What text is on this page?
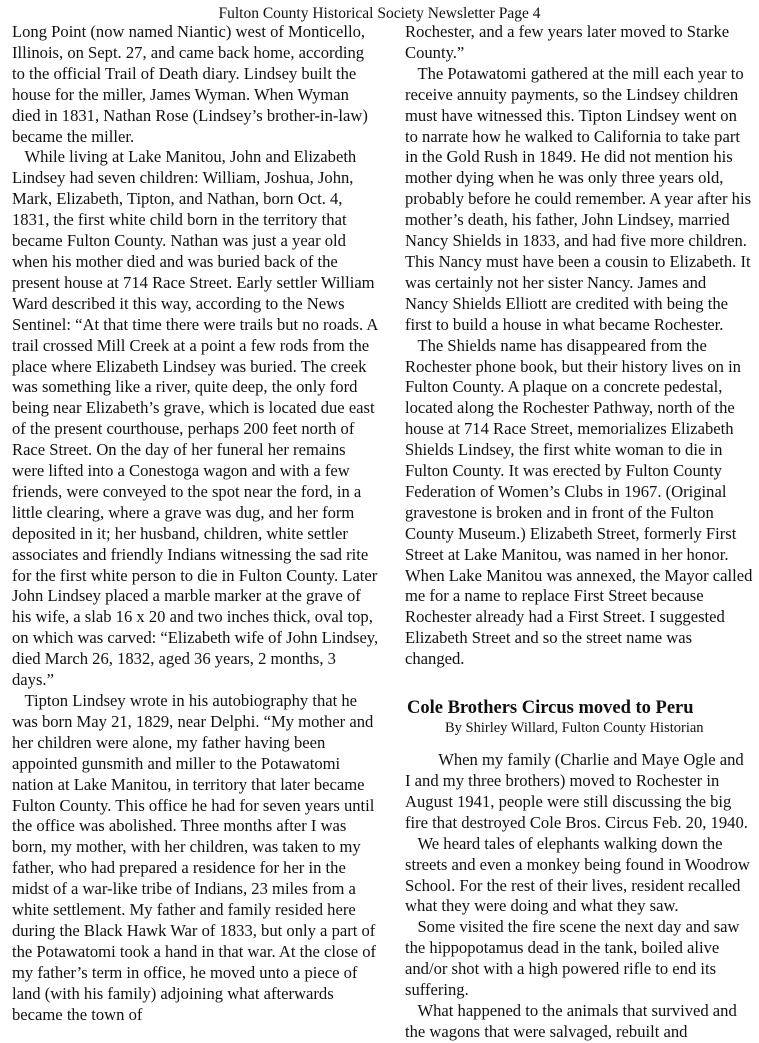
Fulton County Historical Society Newsletter Page 4

Long Point (now named Niantic) west of Monticello, Illinois, on Sept. 27, and came back home, according to the official Trail of Death diary. Lindsey built the house for the miller, James Wyman. When Wyman died in 1831, Nathan Rose (Lindsey’s brother-in-law) became the miller.

While living at Lake Manitou, John and Elizabeth Lindsey had seven children: William, Joshua, John, Mark, Elizabeth, Tipton, and Nathan, born Oct. 4, 1831, the first white child born in the territory that became Fulton County. Nathan was just a year old when his mother died and was buried back of the present house at 714 Race Street. Early settler William Ward described it this way, according to the News Sentinel: “At that time there were trails but no roads. A trail crossed Mill Creek at a point a few rods from the place where Elizabeth Lindsey was buried. The creek was something like a river, quite deep, the only ford being near Elizabeth’s grave, which is located due east of the present courthouse, perhaps 200 feet north of Race Street. On the day of her funeral her remains were lifted into a Conestoga wagon and with a few friends, were conveyed to the spot near the ford, in a little clearing, where a grave was dug, and her form deposited in it; her husband, children, white settler associates and friendly Indians witnessing the sad rite for the first white person to die in Fulton County. Later John Lindsey placed a marble marker at the grave of his wife, a slab 16 x 20 and two inches thick, oval top, on which was carved: “Elizabeth wife of John Lindsey, died March 26, 1832, aged 36 years, 2 months, 3 days.”

Tipton Lindsey wrote in his autobiography that he was born May 21, 1829, near Delphi. “My mother and her children were alone, my father having been appointed gunsmith and miller to the Potawatomi nation at Lake Manitou, in territory that later became Fulton County. This office he had for seven years until the office was abolished. Three months after I was born, my mother, with her children, was taken to my father, who had prepared a residence for her in the midst of a war-like tribe of Indians, 23 miles from a white settlement. My father and family resided here during the Black Hawk War of 1833, but only a part of the Potawatomi took a hand in that war. At the close of my father’s term in office, he moved unto a piece of land (with his family) adjoining what afterwards became the town of

Rochester, and a few years later moved to Starke County.”

The Potawatomi gathered at the mill each year to receive annuity payments, so the Lindsey children must have witnessed this. Tipton Lindsey went on to narrate how he walked to California to take part in the Gold Rush in 1849. He did not mention his mother dying when he was only three years old, probably before he could remember. A year after his mother’s death, his father, John Lindsey, married Nancy Shields in 1833, and had five more children. This Nancy must have been a cousin to Elizabeth. It was certainly not her sister Nancy. James and Nancy Shields Elliott are credited with being the first to build a house in what became Rochester.

The Shields name has disappeared from the Rochester phone book, but their history lives on in Fulton County. A plaque on a concrete pedestal, located along the Rochester Pathway, north of the house at 714 Race Street, memorializes Elizabeth Shields Lindsey, the first white woman to die in Fulton County. It was erected by Fulton County Federation of Women’s Clubs in 1967. (Original gravestone is broken and in front of the Fulton County Museum.) Elizabeth Street, formerly First Street at Lake Manitou, was named in her honor. When Lake Manitou was annexed, the Mayor called me for a name to replace First Street because Rochester already had a First Street. I suggested Elizabeth Street and so the street name was changed.

Cole Brothers Circus moved to Peru
By Shirley Willard, Fulton County Historian

When my family (Charlie and Maye Ogle and I and my three brothers) moved to Rochester in August 1941, people were still discussing the big fire that destroyed Cole Bros. Circus Feb. 20, 1940.

We heard tales of elephants walking down the streets and even a monkey being found in Woodrow School. For the rest of their lives, resident recalled what they were doing and what they saw.

Some visited the fire scene the next day and saw the hippopotamus dead in the tank, boiled alive and/or shot with a high powered rifle to end its suffering.

What happened to the animals that survived and the wagons that were salvaged, rebuilt and
